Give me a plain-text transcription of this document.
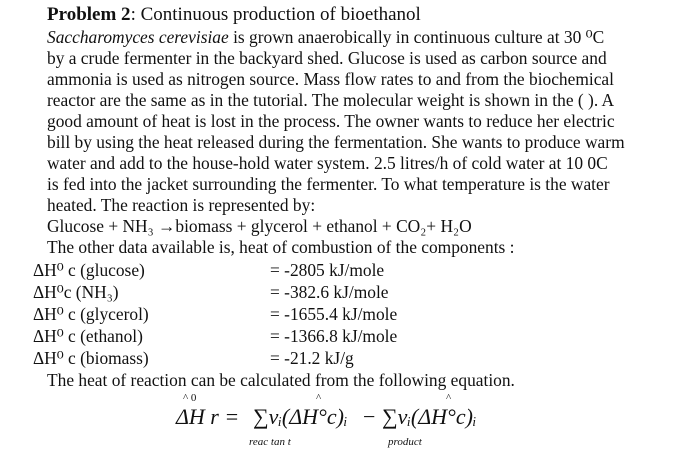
Problem 2: Continuous production of bioethanol
Saccharomyces cerevisiae is grown anaerobically in continuous culture at 30 ⁰C
by a crude fermenter in the backyard shed. Glucose is used as carbon source and
ammonia is used as nitrogen source. Mass flow rates to and from the biochemical
reactor are the same as in the tutorial. The molecular weight is shown in the ( ). A
good amount of heat is lost in the process. The owner wants to reduce her electric
bill by using the heat released during the fermentation. She wants to produce warm
water and add to the house-hold water system. 2.5 litres/h of cold water at 10 0C
is fed into the jacket surrounding the fermenter. To what temperature is the water
heated. The reaction is represented by:
Glucose + NH₃ →biomass + glycerol + ethanol + CO₂+ H₂O
The other data available is, heat of combustion of the components :
ΔH⁰ c (glucose)	= -2805 kJ/mole
ΔH⁰c (NH₃)	= -382.6 kJ/mole
ΔH⁰ c (glycerol)	= -1655.4 kJ/mole
ΔH⁰ c (ethanol)	= -1366.8 kJ/mole
ΔH⁰ c (biomass)	= -21.2 kJ/g
The heat of reaction can be calculated from the following equation.
^ 0
ΔH r = ∑vᵢ(ΔH°c)ᵢ
^
− ∑vᵢ(ΔH°c)ᵢ
^
reac tan t	product
